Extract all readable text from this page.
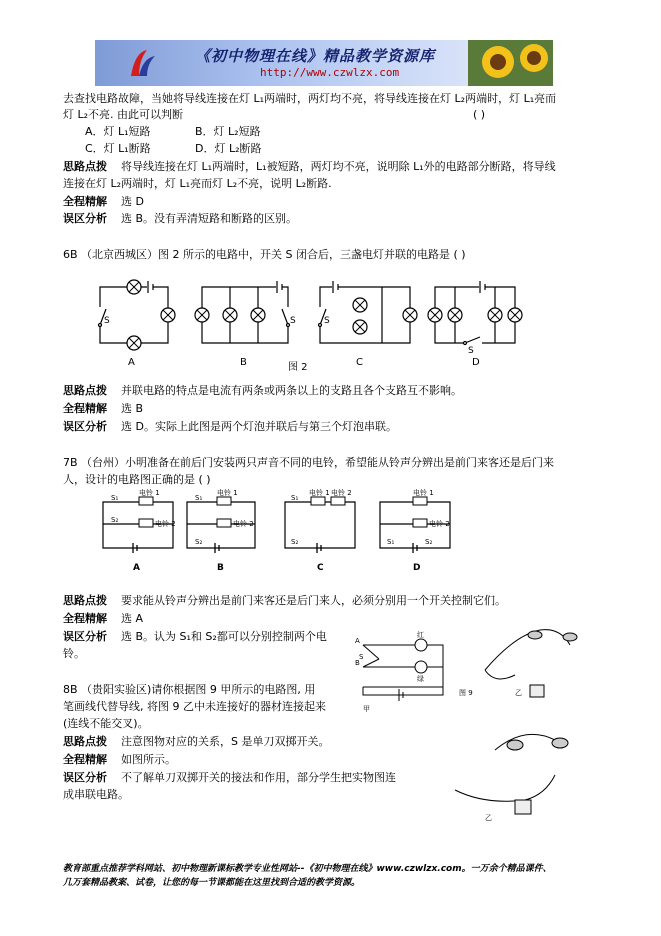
《初中物理在线》精品教学资源库
http://www.czwlzx.com
去查找电路故障，当她将导线连接在灯 L₁两端时，两灯均不亮，将导线连接在灯 L₂两端时，灯 L₁亮而
灯 L₂不亮. 由此可以判断	( )
A．灯 L₁短路	B．灯 L₂短路
C．灯 L₁断路	D．灯 L₂断路
思路点拨 将导线连接在灯 L₁两端时，L₁被短路，两灯均不亮，说明除 L₁外的电路部分断路，将导线
连接在灯 L₂两端时，灯 L₁亮而灯 L₂不亮，说明 L₂断路.
全程精解 选 D
误区分析 选 B。没有弄清短路和断路的区别。
6B （北京西城区）图 2 所示的电路中，开关 S 闭合后，三盏电灯并联的电路是 ( )
S	S	S
S
A	B	C	D
图 2
思路点拨 并联电路的特点是电流有两条或两条以上的支路且各个支路互不影响。
全程精解 选 B
误区分析 选 D。实际上此图是两个灯泡并联后与第三个灯泡串联。
7B （台州）小明准备在前后门安装两只声音不同的电铃，希望能从铃声分辨出是前门来客还是后门来
人，设计的电路图正确的是 ( )
S₁
S₂
电铃 1
电铃 2
S₁
S₂
电铃 1
电铃 2
S₁
S₂
电铃 1 电铃 2
S₁	S₂
电铃 1
电铃 2
A	B	C	D
思路点拨 要求能从铃声分辨出是前门来客还是后门来人，必须分别用一个开关控制它们。
全程精解 选 A
误区分析 选 B。认为 S₁和 S₂都可以分别控制两个电
铃。
A
B
S
红
绿
甲
图 9	乙
乙
8B （贵阳实验区)请你根据图 9 甲所示的电路图, 用
笔画线代替导线, 将图 9 乙中未连接好的器材连接起来
(连线不能交叉)。
思路点拨 注意图物对应的关系，S 是单刀双掷开关。
全程精解 如图所示。
误区分析 不了解单刀双掷开关的接法和作用，部分学生把实物图连
成串联电路。
教育部重点推荐学科网站、初中物理新课标教学专业性网站--《初中物理在线》www.czwlzx.com。一万余个精品课件、
几万套精品教案、试卷，让您的每一节课都能在这里找到合适的教学资源。
